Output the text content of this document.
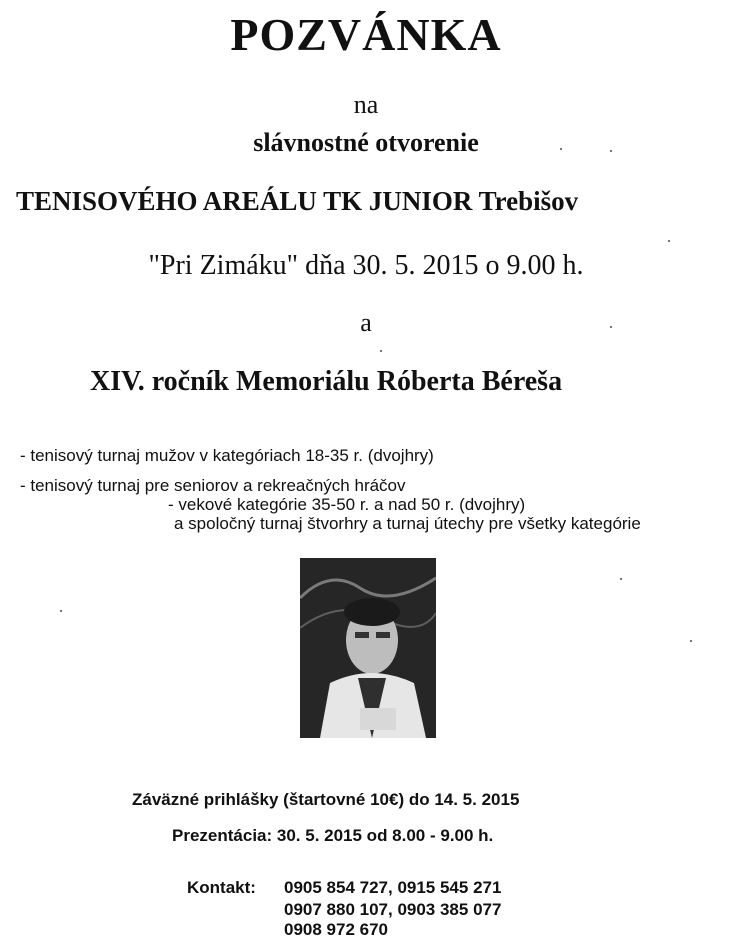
POZVÁNKA
na
slávnostné otvorenie
TENISOVÉHO AREÁLU TK JUNIOR Trebišov
"Pri Zimáku" dňa 30. 5. 2015 o 9.00 h.
a
XIV. ročník Memoriálu Róberta Béreša
- tenisový turnaj mužov v kategóriach 18-35 r. (dvojhry)
- tenisový turnaj pre seniorov a rekreačných hráčov
- vekové kategórie 35-50 r. a nad 50 r. (dvojhry)
a spoločný turnaj štvorhry a turnaj útechy pre všetky kategórie
Záväzné prihlášky (štartovné 10€) do 14. 5. 2015
Prezentácia: 30. 5. 2015 od 8.00 - 9.00 h.
Kontakt: 0905 854 727, 0915 545 271
0907 880 107, 0903 385 077
0908 972 670
